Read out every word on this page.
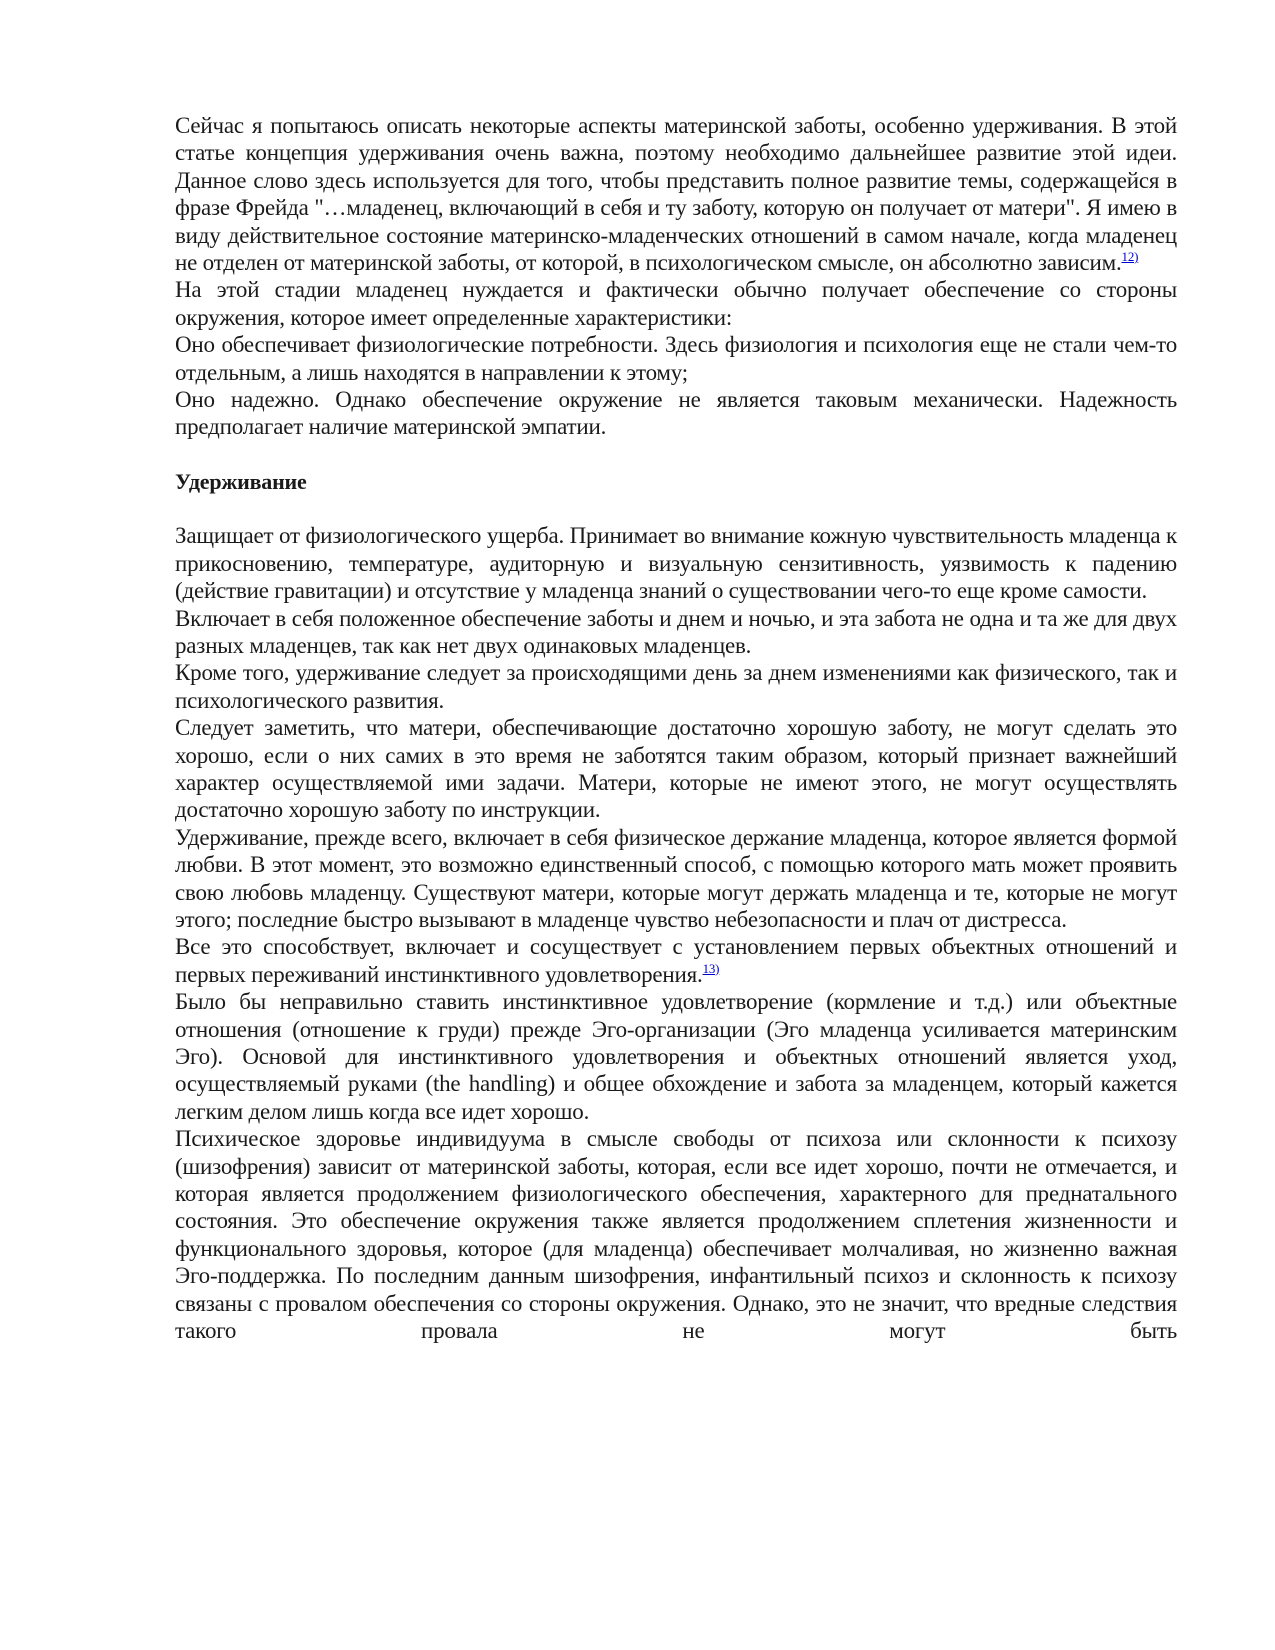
Сейчас я попытаюсь описать некоторые аспекты материнской заботы, особенно удерживания. В этой статье концепция удерживания очень важна, поэтому необходимо дальнейшее развитие этой идеи. Данное слово здесь используется для того, чтобы представить полное развитие темы, содержащейся в фразе Фрейда "…младенец, включающий в себя и ту заботу, которую он получает от матери". Я имею в виду действительное состояние материнско-младенческих отношений в самом начале, когда младенец не отделен от материнской заботы, от которой, в психологическом смысле, он абсолютно зависим.$^{12)}$

На этой стадии младенец нуждается и фактически обычно получает обеспечение со стороны окружения, которое имеет определенные характеристики:

Оно обеспечивает физиологические потребности. Здесь физиология и психология еще не стали чем-то отдельным, а лишь находятся в направлении к этому;

Оно надежно. Однако обеспечение окружение не является таковым механически. Надежность предполагает наличие материнской эмпатии.

Удерживание

Защищает от физиологического ущерба. Принимает во внимание кожную чувствительность младенца к прикосновению, температуре, аудиторную и визуальную сензитивность, уязвимость к падению (действие гравитации) и отсутствие у младенца знаний о существовании чего-то еще кроме самости.

Включает в себя положенное обеспечение заботы и днем и ночью, и эта забота не одна и та же для двух разных младенцев, так как нет двух одинаковых младенцев.

Кроме того, удерживание следует за происходящими день за днем изменениями как физического, так и психологического развития.

Следует заметить, что матери, обеспечивающие достаточно хорошую заботу, не могут сделать это хорошо, если о них самих в это время не заботятся таким образом, который признает важнейший характер осуществляемой ими задачи. Матери, которые не имеют этого, не могут осуществлять достаточно хорошую заботу по инструкции.

Удерживание, прежде всего, включает в себя физическое держание младенца, которое является формой любви. В этот момент, это возможно единственный способ, с помощью которого мать может проявить свою любовь младенцу. Существуют матери, которые могут держать младенца и те, которые не могут этого; последние быстро вызывают в младенце чувство небезопасности и плач от дистресса.

Все это способствует, включает и сосуществует с установлением первых объектных отношений и первых переживаний инстинктивного удовлетворения.$^{13)}$

Было бы неправильно ставить инстинктивное удовлетворение (кормление и т.д.) или объектные отношения (отношение к груди) прежде Эго-организации (Эго младенца усиливается материнским Эго). Основой для инстинктивного удовлетворения и объектных отношений является уход, осуществляемый руками (the handling) и общее обхождение и забота за младенцем, который кажется легким делом лишь когда все идет хорошо.

Психическое здоровье индивидуума в смысле свободы от психоза или склонности к психозу (шизофрения) зависит от материнской заботы, которая, если все идет хорошо, почти не отмечается, и которая является продолжением физиологического обеспечения, характерного для преднатального состояния. Это обеспечение окружения также является продолжением сплетения жизненности и функционального здоровья, которое (для младенца) обеспечивает молчаливая, но жизненно важная Эго-поддержка. По последним данным шизофрения, инфантильный психоз и склонность к психозу связаны с провалом обеспечения со стороны окружения. Однако, это не значит, что вредные следствия такого провала не могут быть
